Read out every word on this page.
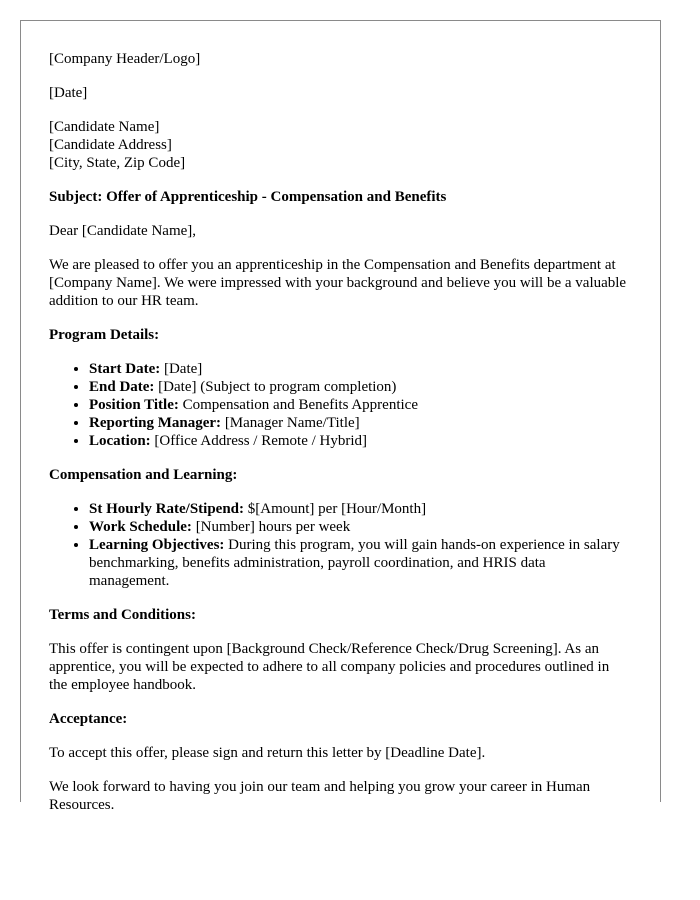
[Company Header/Logo]

[Date]

[Candidate Name]
[Candidate Address]
[City, State, Zip Code]

Subject: Offer of Apprenticeship - Compensation and Benefits

Dear [Candidate Name],

We are pleased to offer you an apprenticeship in the Compensation and Benefits department at [Company Name]. We were impressed with your background and believe you will be a valuable addition to our HR team.

Program Details:

• Start Date: [Date]
• End Date: [Date] (Subject to program completion)
• Position Title: Compensation and Benefits Apprentice
• Reporting Manager: [Manager Name/Title]
• Location: [Office Address / Remote / Hybrid]

Compensation and Learning:

• St Hourly Rate/Stipend: $[Amount] per [Hour/Month]
• Work Schedule: [Number] hours per week
• Learning Objectives: During this program, you will gain hands-on experience in salary benchmarking, benefits administration, payroll coordination, and HRIS data management.

Terms and Conditions:

This offer is contingent upon [Background Check/Reference Check/Drug Screening]. As an apprentice, you will be expected to adhere to all company policies and procedures outlined in the employee handbook.

Acceptance:

To accept this offer, please sign and return this letter by [Deadline Date].

We look forward to having you join our team and helping you grow your career in Human Resources.
